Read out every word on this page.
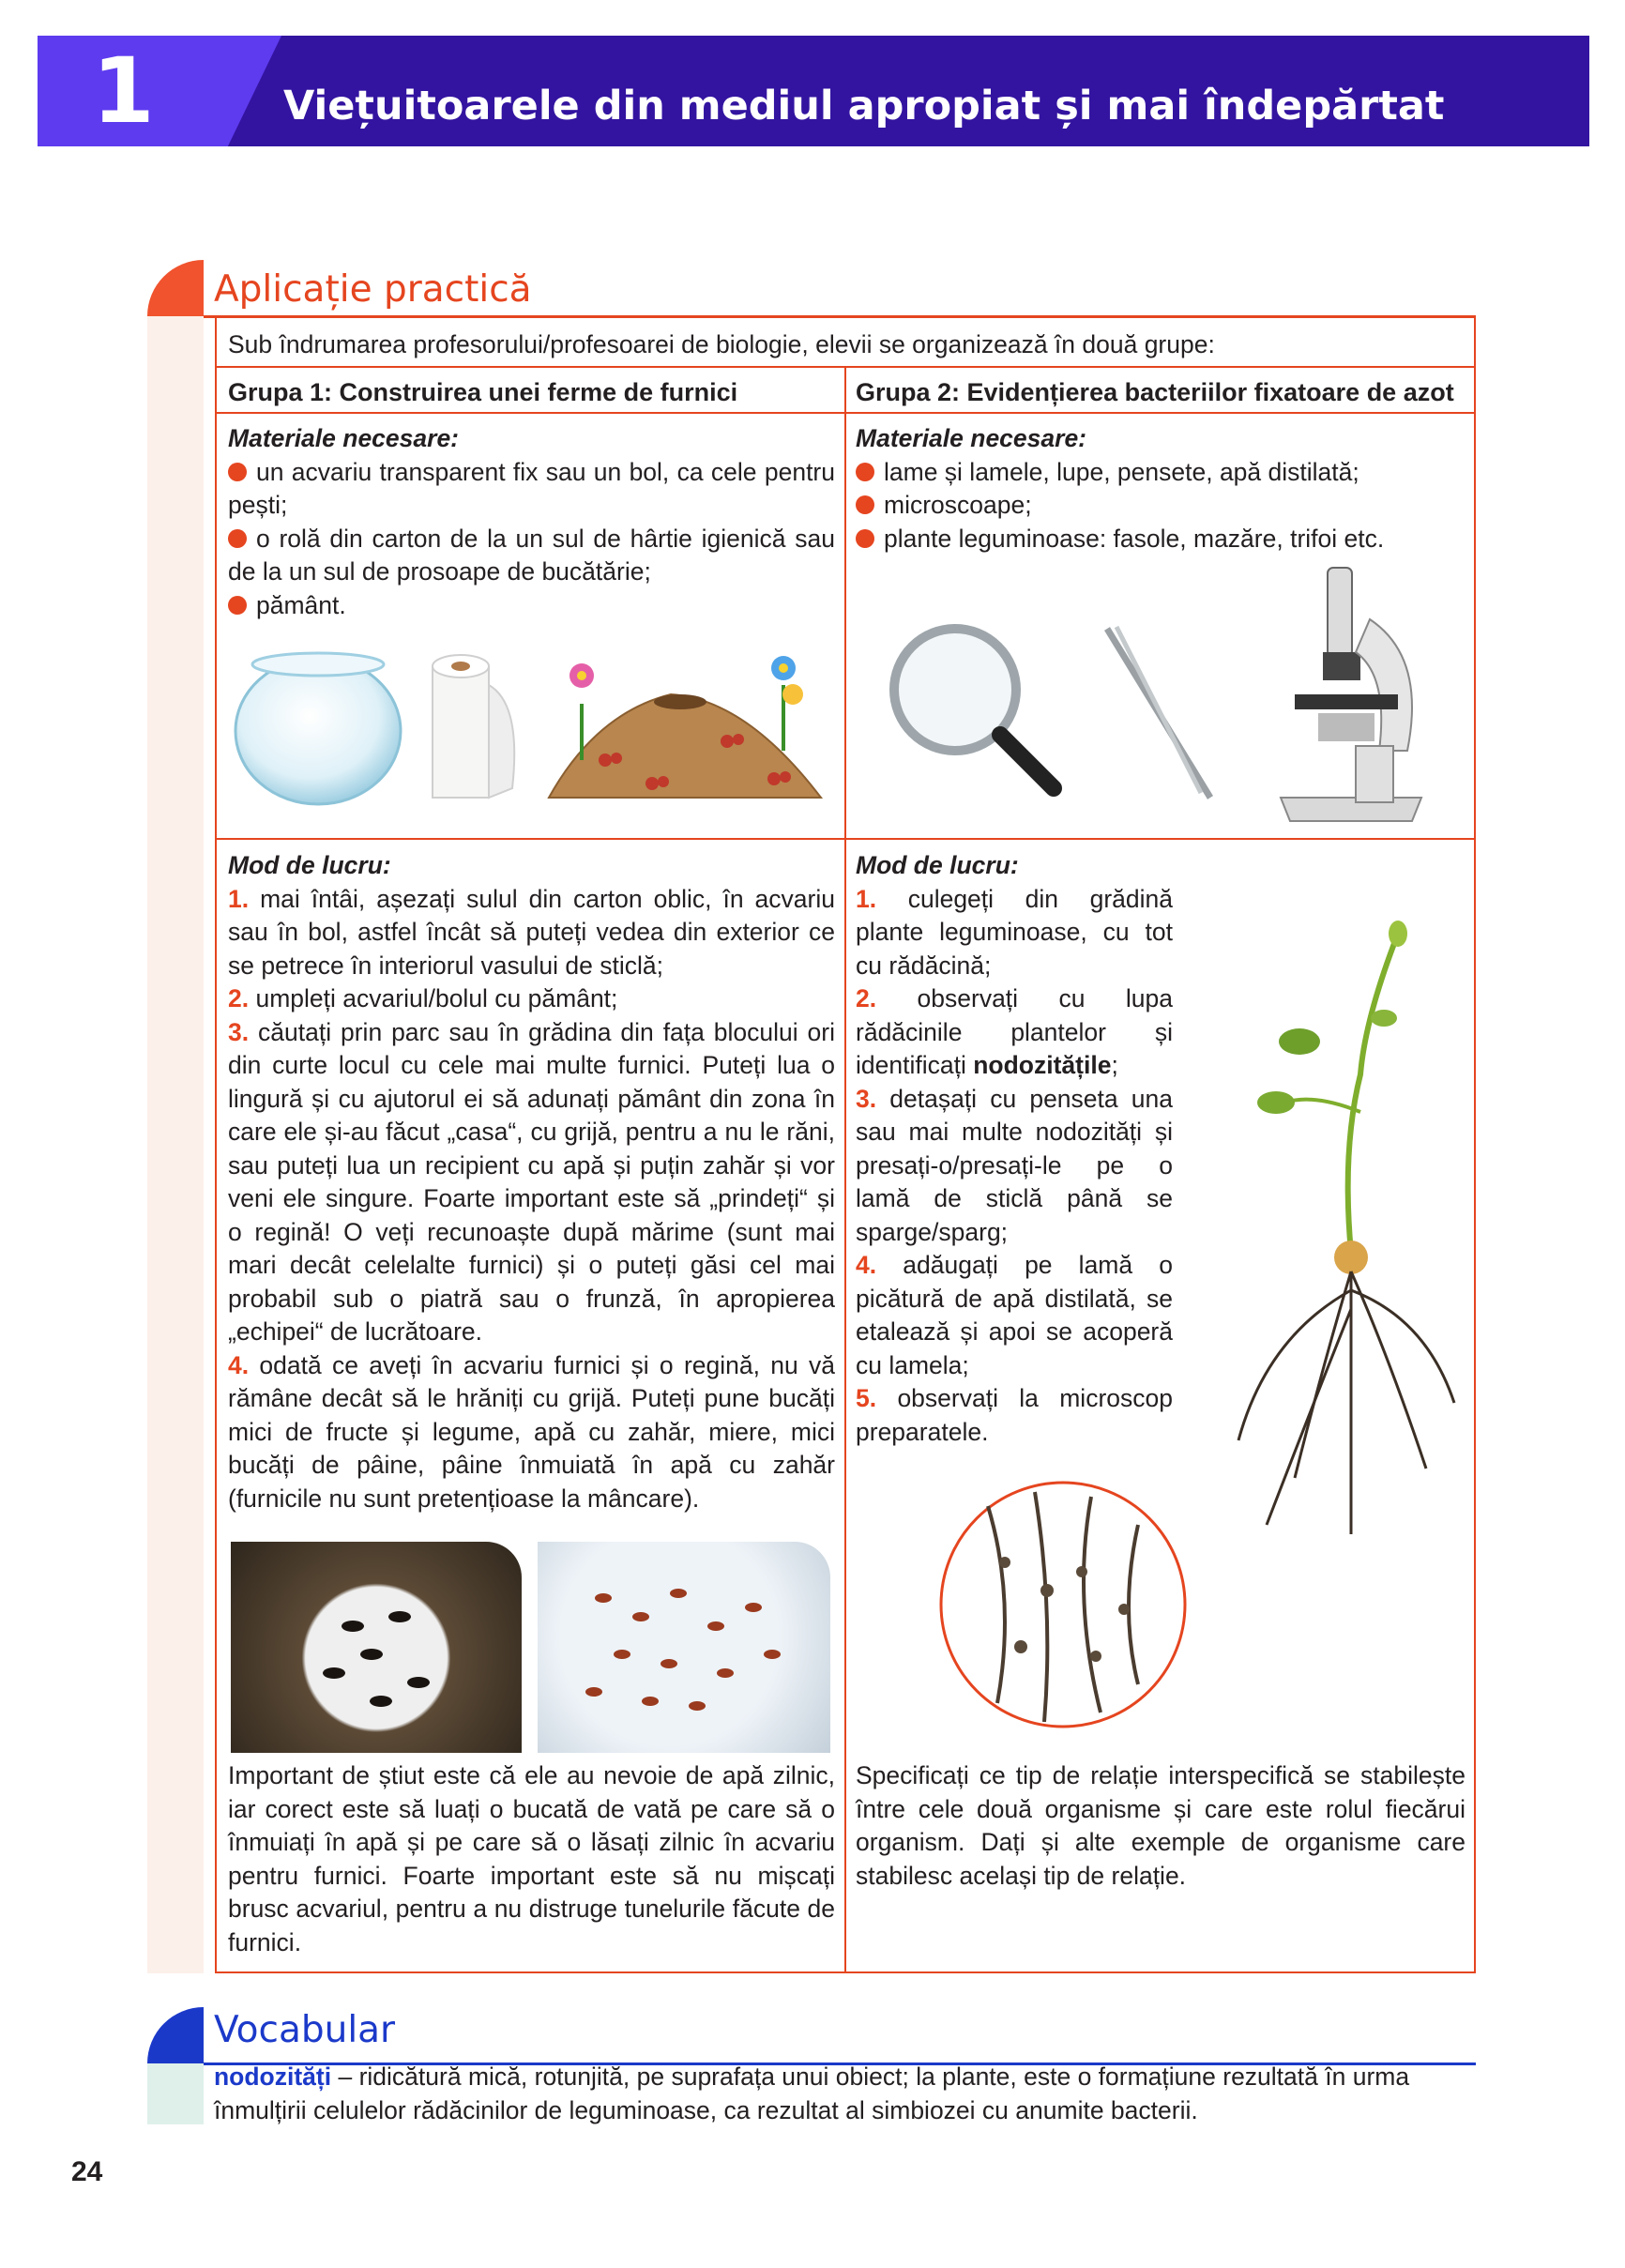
1	Viețuitoarele din mediul apropiat și mai îndepărtat
Aplicație practică
Sub îndrumarea profesorului/profesoarei de biologie, elevii se organizează în două grupe:
Grupa 1: Construirea unei ferme de furnici	Grupa 2: Evidențierea bacteriilor fixatoare de azot
Materiale necesare:
un acvariu transparent fix sau un bol, ca cele pentru pești;
o rolă din carton de la un sul de hârtie igienică sau de la un sul de prosoape de bucătărie;
pământ.
Materiale necesare:
lame și lamele, lupe, pensete, apă distilată;
microscoape;
plante leguminoase: fasole, mazăre, trifoi etc.
Mod de lucru:
1. mai întâi, așezați sulul din carton oblic, în acvariu sau în bol, astfel încât să puteți vedea din exterior ce se petrece în interiorul vasului de sticlă;
2. umpleți acvariul/bolul cu pământ;
3. căutați prin parc sau în grădina din fața blocului ori din curte locul cu cele mai multe furnici. Puteți lua o lingură și cu ajutorul ei să adunați pământ din zona în care ele și-au făcut „casa“, cu grijă, pentru a nu le răni, sau puteți lua un recipient cu apă și puțin zahăr și vor veni ele singure. Foarte important este să „prindeți“ și o regină! O veți recunoaște după mărime (sunt mai mari decât celelalte furnici) și o puteți găsi cel mai probabil sub o piatră sau o frunză, în apropierea „echipei“ de lucrătoare.
4. odată ce aveți în acvariu furnici și o regină, nu vă rămâne decât să le hrăniți cu grijă. Puteți pune bucăți mici de fructe și legume, apă cu zahăr, miere, mici bucăți de pâine, pâine înmuiată în apă cu zahăr (furnicile nu sunt pretențioase la mâncare).
Important de știut este că ele au nevoie de apă zilnic, iar corect este să luați o bucată de vată pe care să o înmuiați în apă și pe care să o lăsați zilnic în acvariu pentru furnici. Foarte important este să nu mișcați brusc acvariul, pentru a nu distruge tunelurile făcute de furnici.
Mod de lucru:
1. culegeți din grădină plante leguminoase, cu tot cu rădăcină;
2. observați cu lupa rădăcinile plantelor și identificați nodozitățile;
3. detașați cu penseta una sau mai multe nodozități și presați-o/presați-le pe o lamă de sticlă până se sparge/sparg;
4. adăugați pe lamă o picătură de apă distilată, se etalează și apoi se acoperă cu lamela;
5. observați la microscop preparatele.
Specificați ce tip de relație interspecifică se stabilește între cele două organisme și care este rolul fiecărui organism. Dați și alte exemple de organisme care stabilesc același tip de relație.
Vocabular
nodozități – ridicătură mică, rotunjită, pe suprafața unui obiect; la plante, este o formațiune rezultată în urma înmulțirii celulelor rădăcinilor de leguminoase, ca rezultat al simbiozei cu anumite bacterii.
24
